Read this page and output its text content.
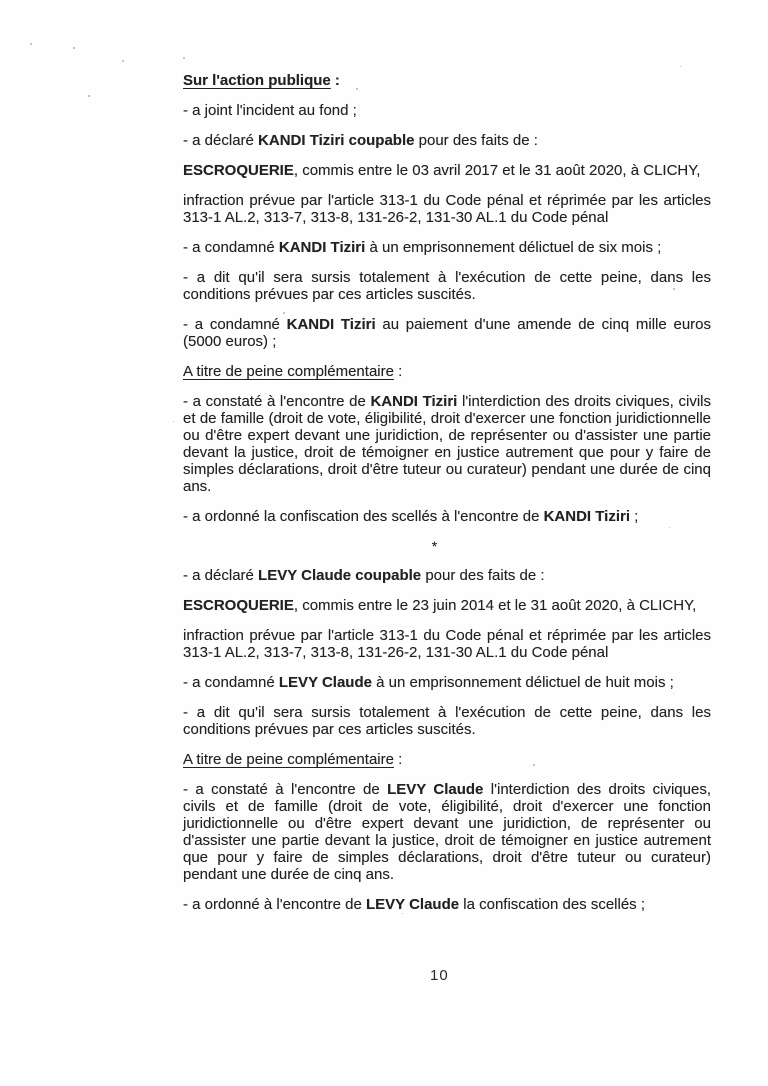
Sur l'action publique :

- a joint l'incident au fond ;

- a déclaré KANDI Tiziri coupable pour des faits de :

ESCROQUERIE, commis entre le 03 avril 2017 et le 31 août 2020, à CLICHY,

infraction prévue par l'article 313-1 du Code pénal et réprimée par les articles 313-1 AL.2, 313-7, 313-8, 131-26-2, 131-30 AL.1 du Code pénal

- a condamné KANDI Tiziri à un emprisonnement délictuel de six mois ;

- a dit qu'il sera sursis totalement à l'exécution de cette peine, dans les conditions prévues par ces articles suscités.

- a condamné KANDI Tiziri au paiement d'une amende de cinq mille euros (5000 euros) ;

A titre de peine complémentaire :

- a constaté à l'encontre de KANDI Tiziri l'interdiction des droits civiques, civils et de famille (droit de vote, éligibilité, droit d'exercer une fonction juridictionnelle ou d'être expert devant une juridiction, de représenter ou d'assister une partie devant la justice, droit de témoigner en justice autrement que pour y faire de simples déclarations, droit d'être tuteur ou curateur) pendant une durée de cinq ans.

- a ordonné la confiscation des scellés à l'encontre de KANDI Tiziri ;

*

- a déclaré LEVY Claude coupable pour des faits de :

ESCROQUERIE, commis entre le 23 juin 2014 et le 31 août 2020, à CLICHY,

infraction prévue par l'article 313-1 du Code pénal et réprimée par les articles 313-1 AL.2, 313-7, 313-8, 131-26-2, 131-30 AL.1 du Code pénal

- a condamné LEVY Claude à un emprisonnement délictuel de huit mois ;

- a dit qu'il sera sursis totalement à l'exécution de cette peine, dans les conditions prévues par ces articles suscités.

A titre de peine complémentaire :

- a constaté à l'encontre de LEVY Claude l'interdiction des droits civiques, civils et de famille (droit de vote, éligibilité, droit d'exercer une fonction juridictionnelle ou d'être expert devant une juridiction, de représenter ou d'assister une partie devant la justice, droit de témoigner en justice autrement que pour y faire de simples déclarations, droit d'être tuteur ou curateur) pendant une durée de cinq ans.

- a ordonné à l'encontre de LEVY Claude la confiscation des scellés ;

10
